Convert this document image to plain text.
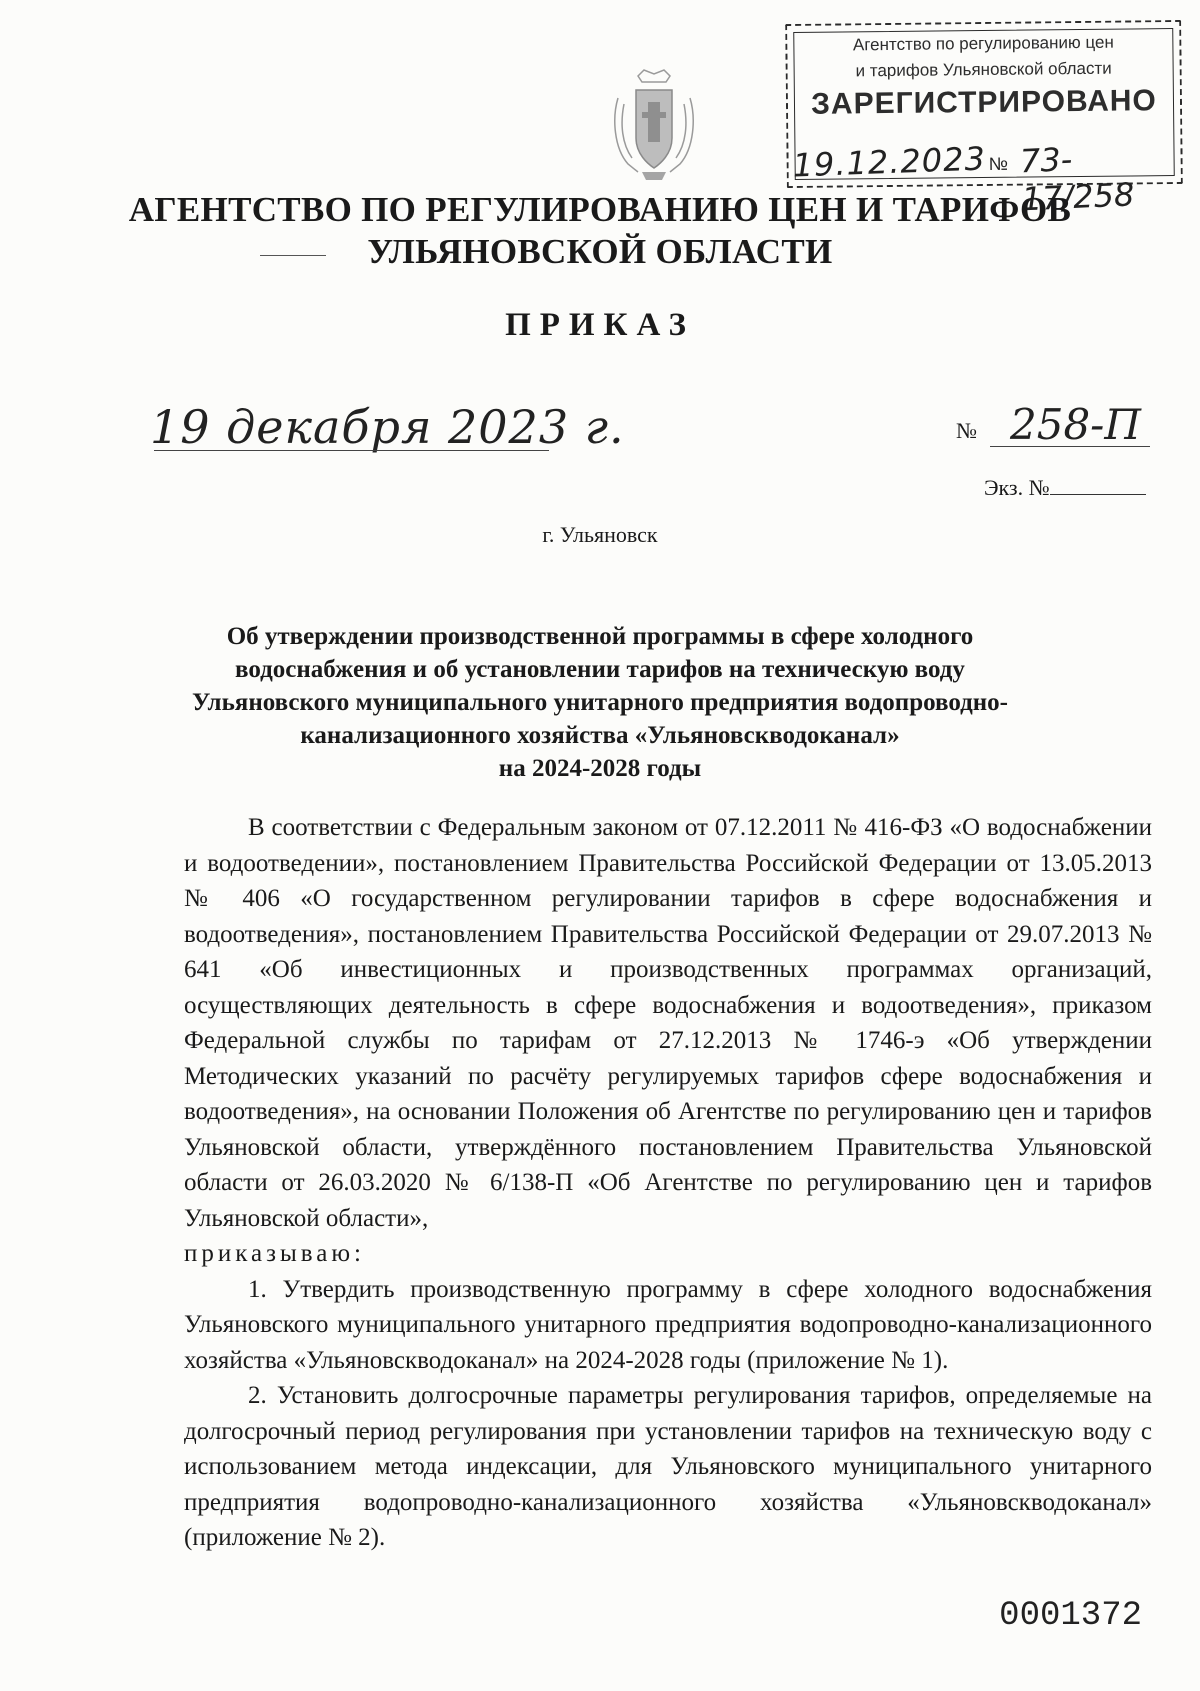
Агентство по регулированию цен
и тарифов Ульяновской области
ЗАРЕГИСТРИРОВАНО
19.12.2023 № 73-17/258
АГЕНТСТВО ПО РЕГУЛИРОВАНИЮ ЦЕН И ТАРИФОВ
УЛЬЯНОВСКОЙ ОБЛАСТИ
ПРИКАЗ
19 декабря 2023 г.	№ 258-П
Экз. №
г. Ульяновск
Об утверждении производственной программы в сфере холодного
водоснабжения и об установлении тарифов на техническую воду
Ульяновского муниципального унитарного предприятия водопроводно-
канализационного хозяйства «Ульяновскводоканал»
на 2024-2028 годы

В соответствии с Федеральным законом от 07.12.2011 № 416-ФЗ «О водоснабжении и водоотведении», постановлением Правительства Российской Федерации от 13.05.2013 № 406 «О государственном регулировании тарифов в сфере водоснабжения и водоотведения», постановлением Правительства Российской Федерации от 29.07.2013 № 641 «Об инвестиционных и производственных программах организаций, осуществляющих деятельность в сфере водоснабжения и водоотведения», приказом Федеральной службы по тарифам от 27.12.2013 № 1746-э «Об утверждении Методических указаний по расчёту регулируемых тарифов сфере водоснабжения и водоотведения», на основании Положения об Агентстве по регулированию цен и тарифов Ульяновской области, утверждённого постановлением Правительства Ульяновской области от 26.03.2020 № 6/138-П «Об Агентстве по регулированию цен и тарифов Ульяновской области»,

приказываю:

1. Утвердить производственную программу в сфере холодного водоснабжения Ульяновского муниципального унитарного предприятия водопроводно-канализационного хозяйства «Ульяновскводоканал» на 2024-2028 годы (приложение № 1).

2. Установить долгосрочные параметры регулирования тарифов, определяемые на долгосрочный период регулирования при установлении тарифов на техническую воду с использованием метода индексации, для Ульяновского муниципального унитарного предприятия водопроводно-канализационного хозяйства «Ульяновскводоканал» (приложение № 2).

0001372
